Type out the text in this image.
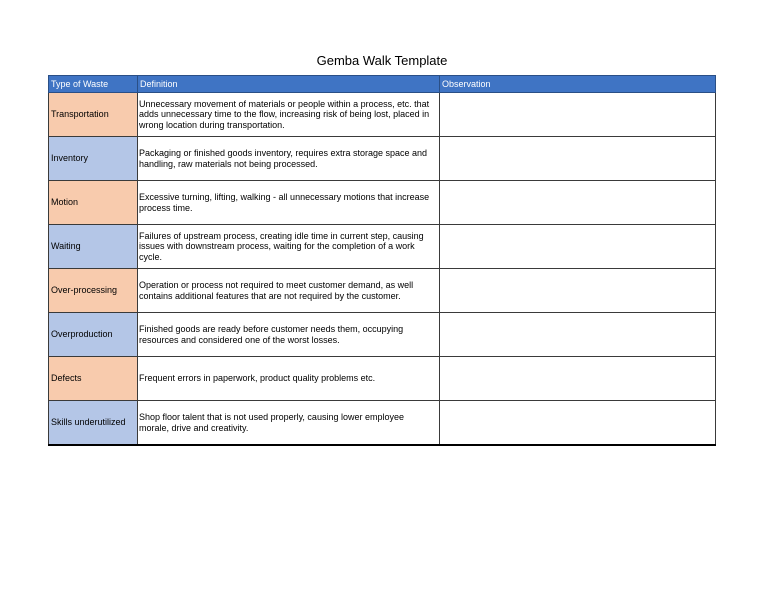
Gemba Walk Template
Type of Waste	Definition	Observation
Transportation	Unnecessary movement of materials or people within a process, etc. that adds unnecessary time to the flow, increasing risk of being lost, placed in wrong location during transportation.	
Inventory	Packaging or finished goods inventory, requires extra storage space and handling, raw materials not being processed.	
Motion	Excessive turning, lifting, walking - all unnecessary motions that increase process time.	
Waiting	Failures of upstream process, creating idle time in current step, causing issues with downstream process, waiting for the completion of a work cycle.	
Over-processing	Operation or process not required to meet customer demand, as well contains additional features that are not required by the customer.	
Overproduction	Finished goods are ready before customer needs them, occupying resources and considered one of the worst losses.	
Defects	Frequent errors in paperwork, product quality problems etc.	
Skills underutilized	Shop floor talent that is not used properly, causing lower employee morale, drive and creativity.	
